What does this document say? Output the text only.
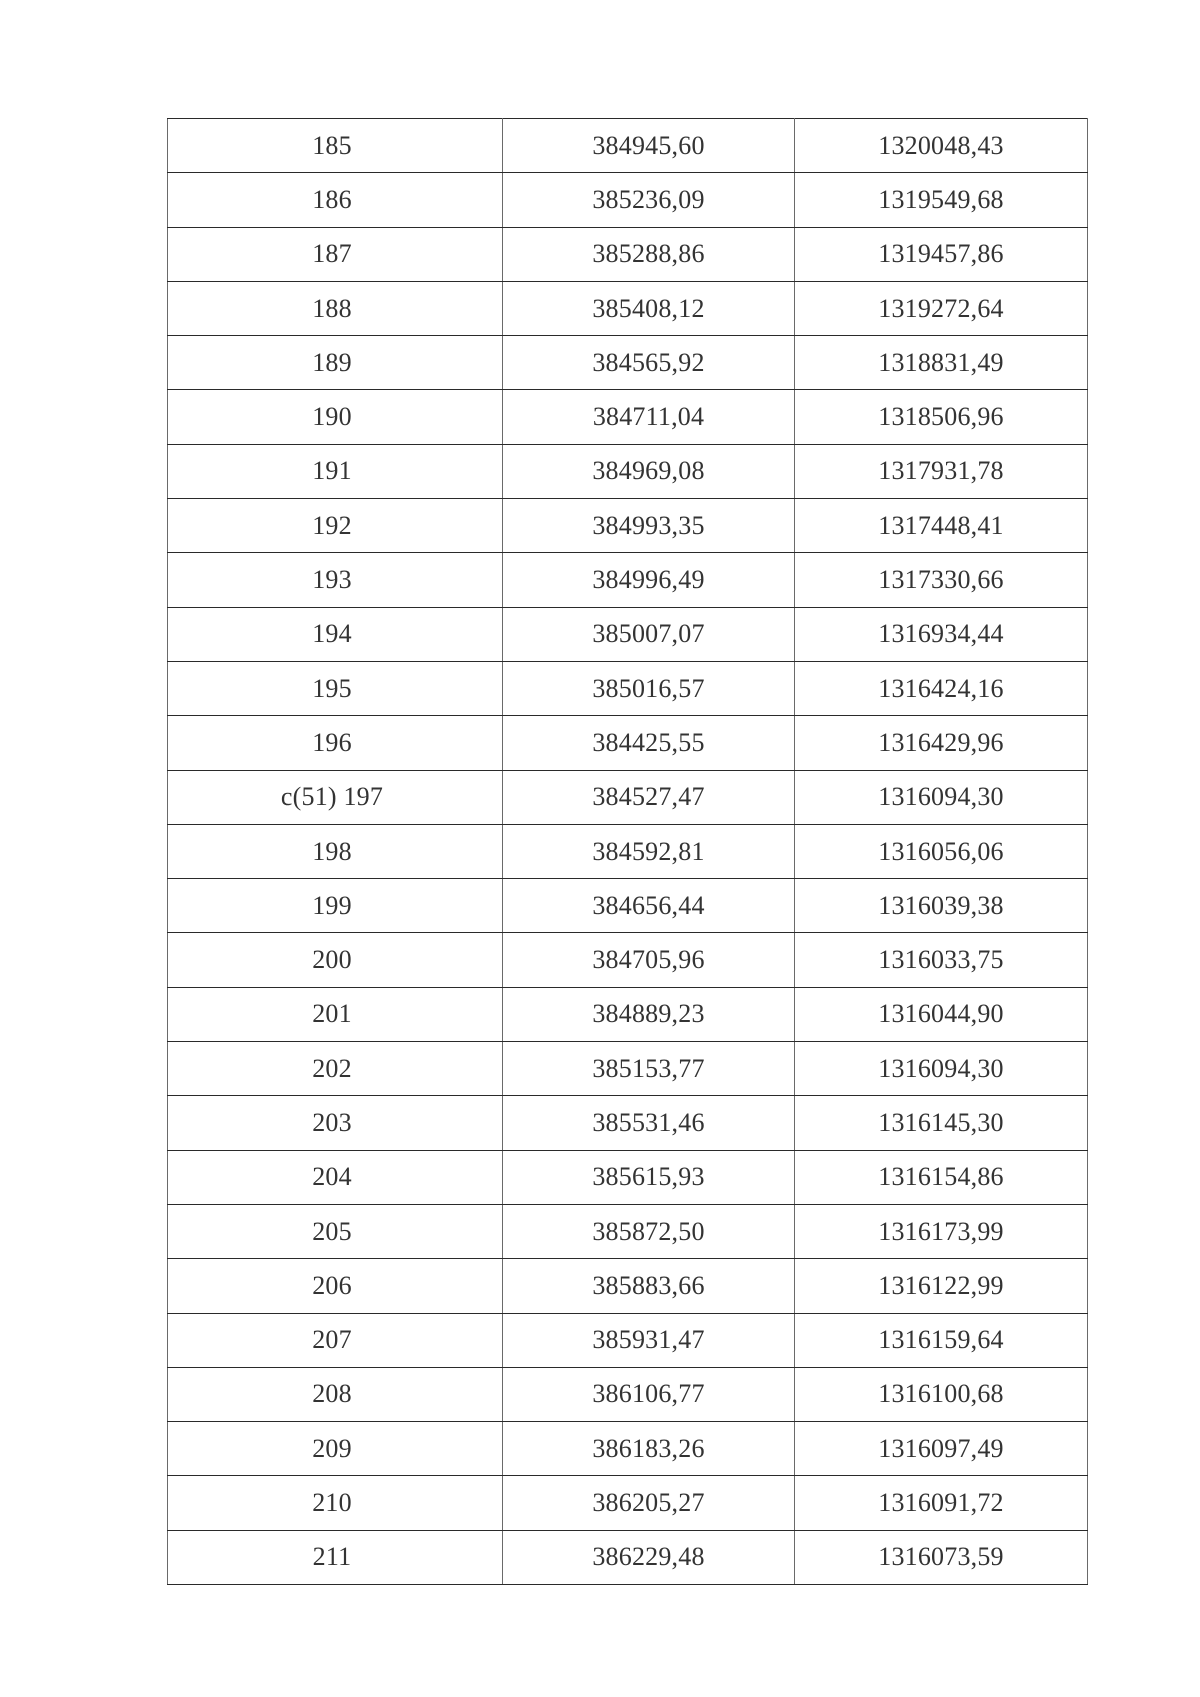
185	384945,60	1320048,43
186	385236,09	1319549,68
187	385288,86	1319457,86
188	385408,12	1319272,64
189	384565,92	1318831,49
190	384711,04	1318506,96
191	384969,08	1317931,78
192	384993,35	1317448,41
193	384996,49	1317330,66
194	385007,07	1316934,44
195	385016,57	1316424,16
196	384425,55	1316429,96
с(51) 197	384527,47	1316094,30
198	384592,81	1316056,06
199	384656,44	1316039,38
200	384705,96	1316033,75
201	384889,23	1316044,90
202	385153,77	1316094,30
203	385531,46	1316145,30
204	385615,93	1316154,86
205	385872,50	1316173,99
206	385883,66	1316122,99
207	385931,47	1316159,64
208	386106,77	1316100,68
209	386183,26	1316097,49
210	386205,27	1316091,72
211	386229,48	1316073,59
